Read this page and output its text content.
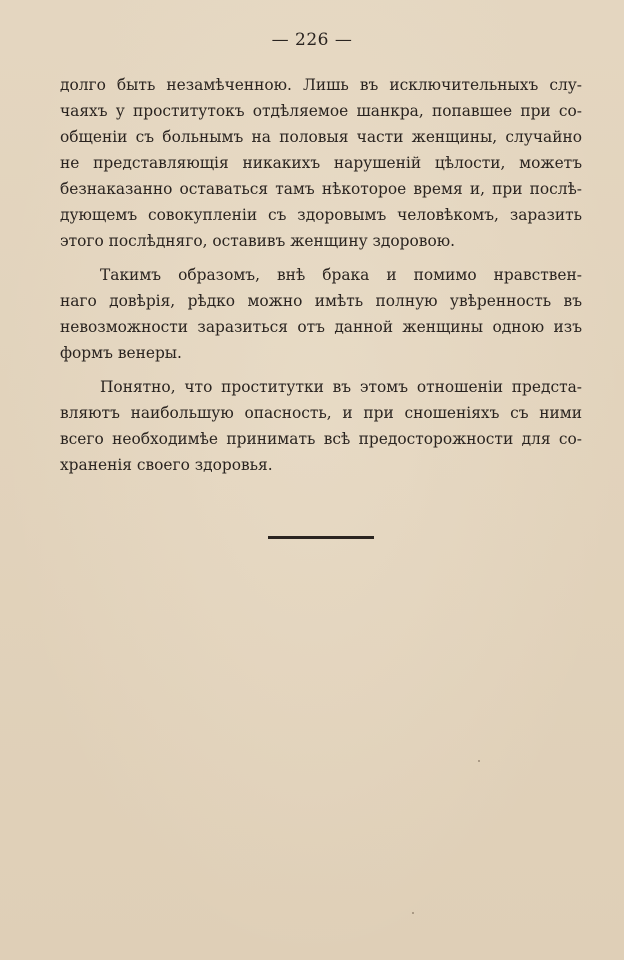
— 226 —
долго быть незамѣченною. Лишь въ исключительныхъ слу-
чаяхъ у проститутокъ отдѣляемое шанкра, попавшее при со-
общеніи съ больнымъ на половыя части женщины, случайно
не представляющія никакихъ нарушеній цѣлости, можетъ
безнаказанно оставаться тамъ нѣкоторое время и, при послѣ-
дующемъ совокупленіи съ здоровымъ человѣкомъ, заразить
этого послѣдняго, оставивъ женщину здоровою.
Такимъ образомъ, внѣ брака и помимо нравствен-
наго довѣрія, рѣдко можно имѣть полную увѣренность въ
невозможности заразиться отъ данной женщины одною изъ
формъ венеры.
Понятно, что проститутки въ этомъ отношеніи предста-
вляютъ наибольшую опасность, и при сношеніяхъ съ ними
всего необходимѣе принимать всѣ предосторожности для со-
храненія своего здоровья.
